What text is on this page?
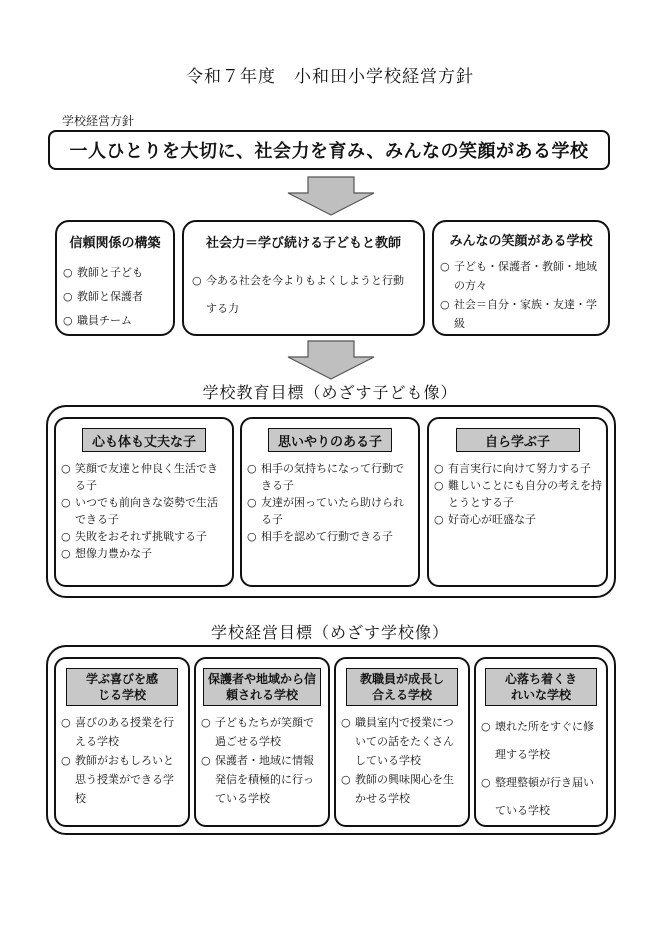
令和７年度　小和田小学校経営方針
学校経営方針
一人ひとりを大切に、社会力を育み、みんなの笑顔がある学校
信頼関係の構築
○ 教師と子ども
○ 教師と保護者
○ 職員チーム
社会力＝学び続ける子どもと教師
○ 今ある社会を今よりもよくしようと行動する力
みんなの笑顔がある学校
○ 子ども・保護者・教師・地域の方々
○ 社会＝自分・家族・友達・学級
学校教育目標（めざす子ども像）
心も体も丈夫な子
○ 笑顔で友達と仲良く生活できる子
○ いつでも前向きな姿勢で生活できる子
○ 失敗をおそれず挑戦する子
○ 想像力豊かな子
思いやりのある子
○ 相手の気持ちになって行動できる子
○ 友達が困っていたら助けられる子
○ 相手を認めて行動できる子
自ら学ぶ子
○ 有言実行に向けて努力する子
○ 難しいことにも自分の考えを持とうとする子
○ 好奇心が旺盛な子
学校経営目標（めざす学校像）
学ぶ喜びを感じる学校
○ 喜びのある授業を行える学校
○ 教師がおもしろいと思う授業ができる学校
保護者や地域から信頼される学校
○ 子どもたちが笑顔で過ごせる学校
○ 保護者・地域に情報発信を積極的に行っている学校
教職員が成長し合える学校
○ 職員室内で授業についての話をたくさんしている学校
○ 教師の興味関心を生かせる学校
心落ち着くきれいな学校
○ 壊れた所をすぐに修理する学校
○ 整理整頓が行き届いている学校
